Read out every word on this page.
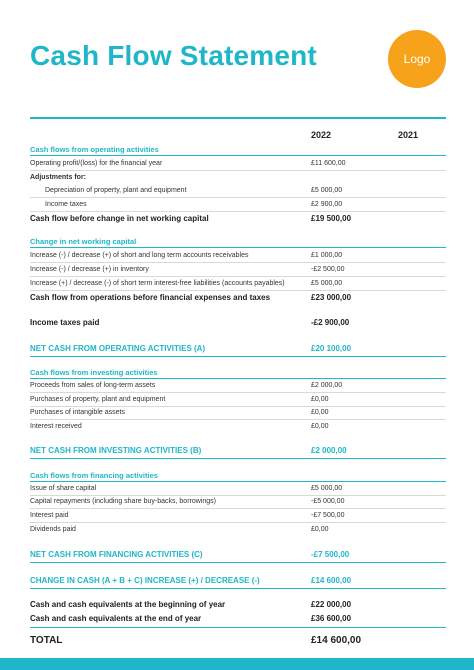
Cash Flow Statement	Logo
2022	2021
Cash flows from operating activities
Operating profit/(loss) for the financial year	£11 600,00
Adjustments for:
Depreciation of property, plant and equipment	£5 000,00
Income taxes	£2 900,00
Cash flow before change in net working capital	£19 500,00
Change in net working capital
Increase (-) / decrease (+) of short and long term accounts receivables	£1 000,00
Increase (-) / decrease (+) in inventory	-£2 500,00
Increase (+) / decrease (-) of short term interest-free liabilities (accounts payables)	£5 000,00
Cash flow from operations before financial expenses and taxes	£23 000,00
Income taxes paid	-£2 900,00
NET CASH FROM OPERATING ACTIVITIES (A)	£20 100,00
Cash flows from investing activities
Proceeds from sales of long-term assets	£2 000,00
Purchases of property, plant and equipment	£0,00
Purchases of intangible assets	£0,00
Interest received	£0,00
NET CASH FROM INVESTING ACTIVITIES (B)	£2 000,00
Cash flows from financing activities
Issue of share capital	£5 000,00
Capital repayments (including share buy-backs, borrowings)	-£5 000,00
Interest paid	-£7 500,00
Dividends paid	£0,00
NET CASH FROM FINANCING ACTIVITIES (C)	-£7 500,00
CHANGE IN CASH (A + B + C) INCREASE (+) / DECREASE (-)	£14 600,00
Cash and cash equivalents at the beginning of year	£22 000,00
Cash and cash equivalents at the end of year	£36 600,00
TOTAL	£14 600,00
